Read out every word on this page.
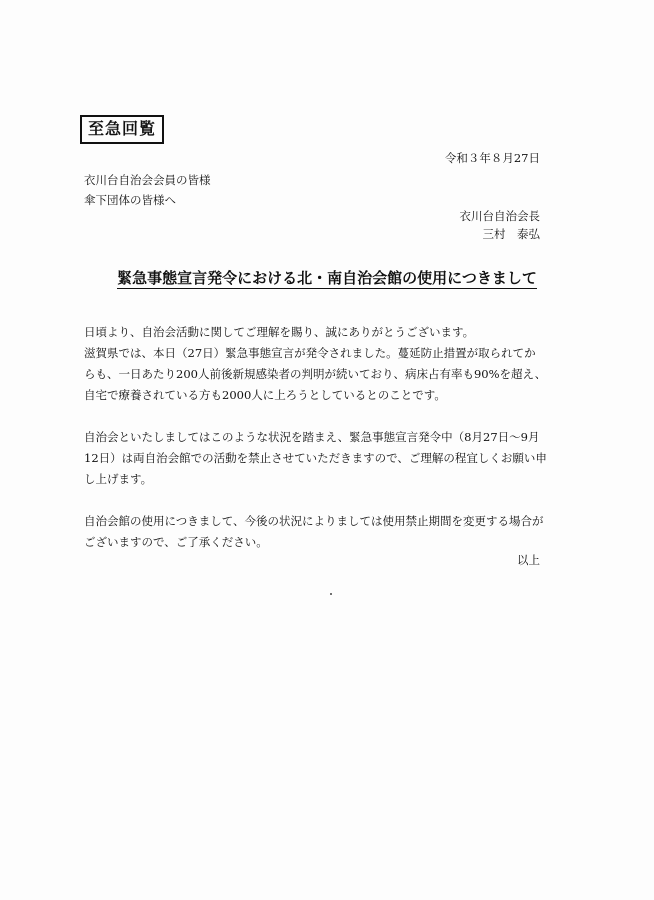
至急回覧
令和３年８月27日
衣川台自治会会員の皆様
傘下団体の皆様へ
衣川台自治会長
三村　泰弘
緊急事態宣言発令における北・南自治会館の使用につきまして
日頃より、自治会活動に関してご理解を賜り、誠にありがとうございます。
滋賀県では、本日（27日）緊急事態宣言が発令されました。蔓延防止措置が取られてか
らも、一日あたり200人前後新規感染者の判明が続いており、病床占有率も90%を超え、
自宅で療養されている方も2000人に上ろうとしているとのことです。
自治会といたしましてはこのような状況を踏まえ、緊急事態宣言発令中（8月27日～9月
12日）は両自治会館での活動を禁止させていただきますので、ご理解の程宜しくお願い申
し上げます。
自治会館の使用につきまして、今後の状況によりましては使用禁止期間を変更する場合が
ございますので、ご了承ください。
以上
